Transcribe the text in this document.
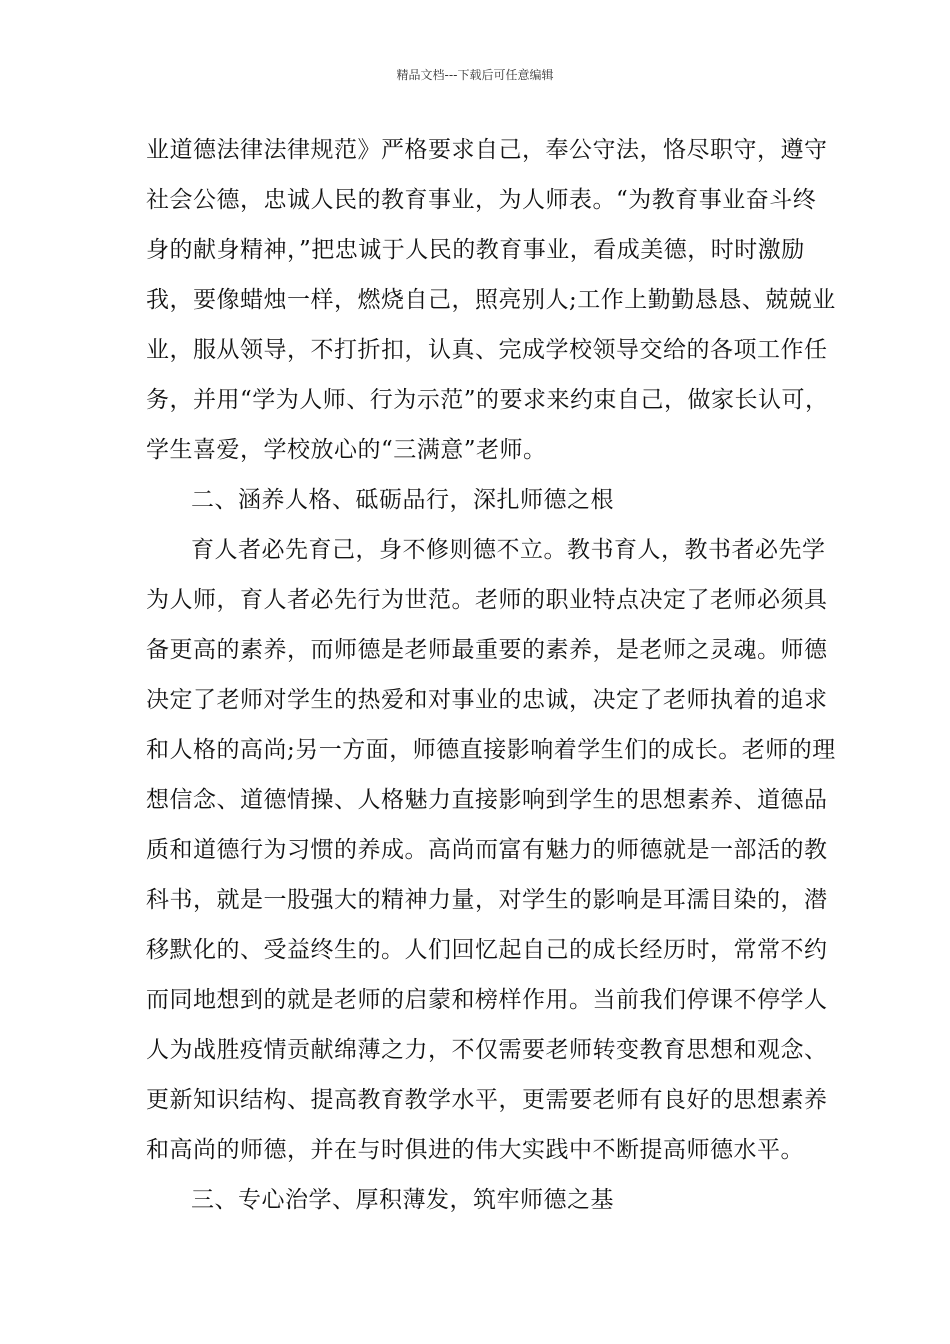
精品文档---下载后可任意编辑
业道德法律法律规范》严格要求自己，奉公守法，恪尽职守，遵守
社会公德，忠诚人民的教育事业，为人师表。“为教育事业奋斗终
身的献身精神，”把忠诚于人民的教育事业，看成美德，时时激励
我，要像蜡烛一样，燃烧自己，照亮别人;工作上勤勤恳恳、兢兢业
业，服从领导，不打折扣，认真、完成学校领导交给的各项工作任
务，并用“学为人师、行为示范”的要求来约束自己，做家长认可，
学生喜爱，学校放心的“三满意”老师。
二、涵养人格、砥砺品行，深扎师德之根
育人者必先育己，身不修则德不立。教书育人，教书者必先学
为人师，育人者必先行为世范。老师的职业特点决定了老师必须具
备更高的素养，而师德是老师最重要的素养，是老师之灵魂。师德
决定了老师对学生的热爱和对事业的忠诚，决定了老师执着的追求
和人格的高尚;另一方面，师德直接影响着学生们的成长。老师的理
想信念、道德情操、人格魅力直接影响到学生的思想素养、道德品
质和道德行为习惯的养成。高尚而富有魅力的师德就是一部活的教
科书，就是一股强大的精神力量，对学生的影响是耳濡目染的，潜
移默化的、受益终生的。人们回忆起自己的成长经历时，常常不约
而同地想到的就是老师的启蒙和榜样作用。当前我们停课不停学人
人为战胜疫情贡献绵薄之力，不仅需要老师转变教育思想和观念、
更新知识结构、提高教育教学水平，更需要老师有良好的思想素养
和高尚的师德，并在与时俱进的伟大实践中不断提高师德水平。
三、专心治学、厚积薄发，筑牢师德之基
